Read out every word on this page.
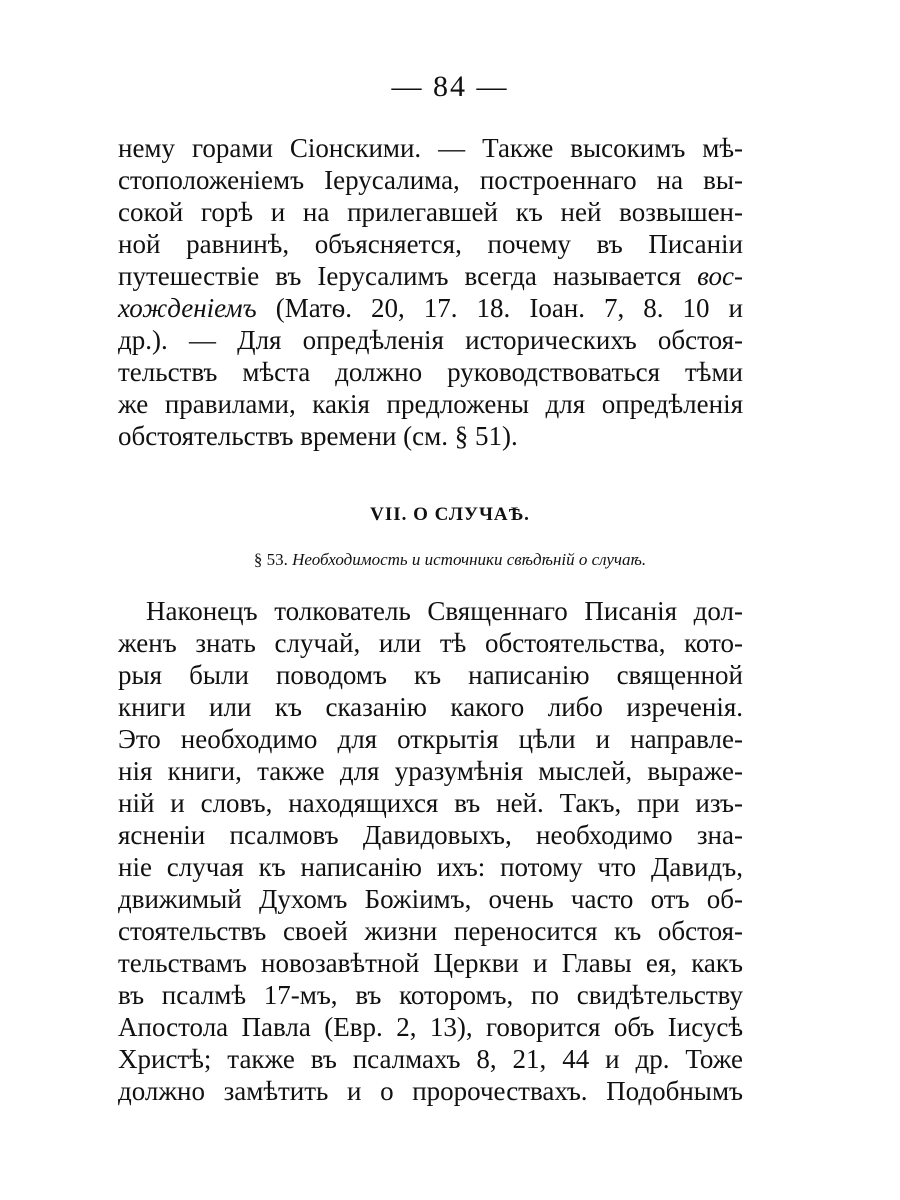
— 84 —
нему горами Сіонскими. — Также высокимъ мѣ-
стоположеніемъ Іерусалима, построеннаго на вы-
сокой горѣ и на прилегавшей къ ней возвышен-
ной равнинѣ, объясняется, почему въ Писаніи
путешествіе въ Іерусалимъ всегда называется вос-
хожденіемъ (Матѳ. 20, 17. 18. Іоан. 7, 8. 10 и
др.). — Для опредѣленія историческихъ обстоя-
тельствъ мѣста должно руководствоваться тѣми
же правилами, какія предложены для опредѣленія
обстоятельствъ времени (см. § 51).
VII. О СЛУЧАѢ.
§ 53. Необходимость и источники свѣдѣній о случаѣ.
Наконецъ толкователь Священнаго Писанія дол-
женъ знать случай, или тѣ обстоятельства, кото-
рыя были поводомъ къ написанію священной
книги или къ сказанію какого либо изреченія.
Это необходимо для открытія цѣли и направле-
нія книги, также для уразумѣнія мыслей, выраже-
ній и словъ, находящихся въ ней. Такъ, при изъ-
ясненіи псалмовъ Давидовыхъ, необходимо зна-
ніе случая къ написанію ихъ: потому что Давидъ,
движимый Духомъ Божіимъ, очень часто отъ об-
стоятельствъ своей жизни переносится къ обстоя-
тельствамъ новозавѣтной Церкви и Главы ея, какъ
въ псалмѣ 17-мъ, въ которомъ, по свидѣтельству
Апостола Павла (Евр. 2, 13), говорится объ Іисусѣ
Христѣ; также въ псалмахъ 8, 21, 44 и др. Тоже
должно замѣтить и о пророчествахъ. Подобнымъ
